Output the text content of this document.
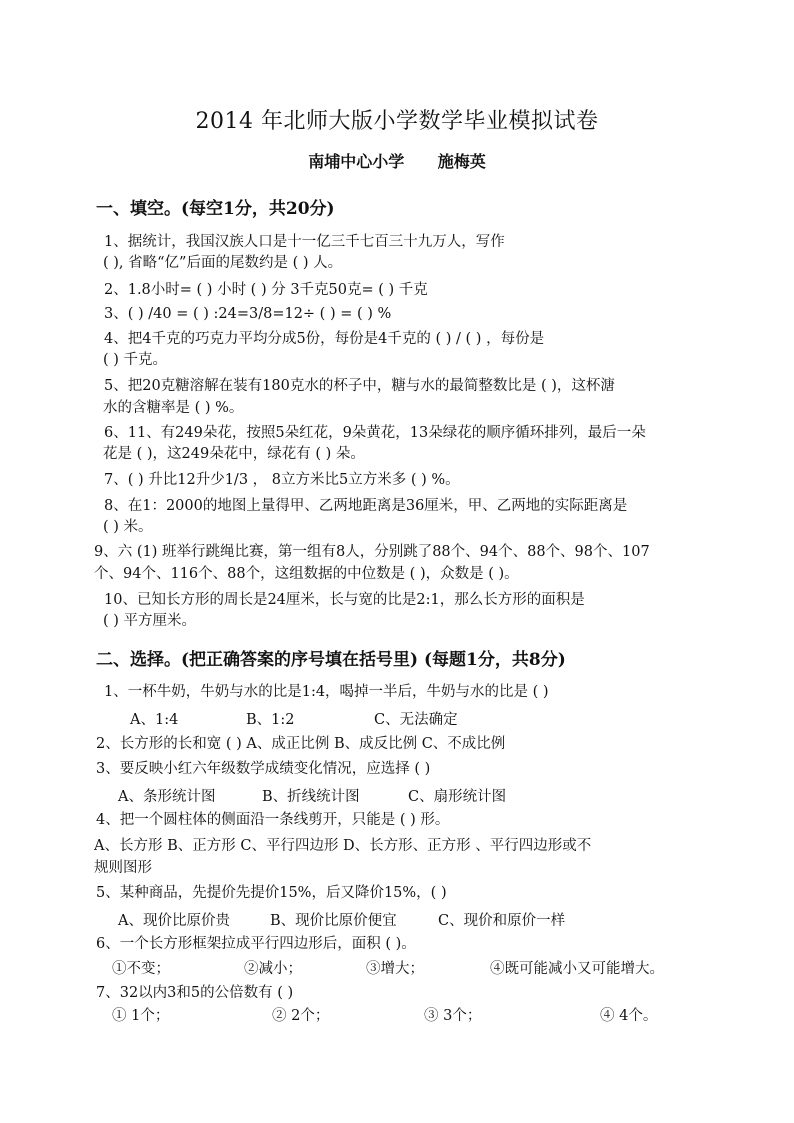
2014 年北师大版小学数学毕业模拟试卷
南埔中心小学      施梅英
一、填空。(每空1分，共20分)
1、据统计，我国汉族人口是十一亿三千七百三十九万人，写作
( ), 省略“亿”后面的尾数约是 ( ) 人。
2、1.8小时= ( ) 小时 ( ) 分 3千克50克= ( ) 千克
3、( ) /40 = ( ) :24=3/8=12÷ ( ) = ( ) %
4、把4千克的巧克力平均分成5份，每份是4千克的 ( ) / ( ) ，每份是
( ) 千克。
5、把20克糖溶解在装有180克水的杯子中，糖与水的最简整数比是 ( )，这杯溏
水的含糖率是 ( ) %。
6、11、有249朵花，按照5朵红花，9朵黄花，13朵绿花的顺序循环排列，最后一朵
花是 ( )，这249朵花中，绿花有 ( ) 朵。
7、( ) 升比12升少1/3 ， 8立方米比5立方米多 ( ) %。
8、在1：2000的地图上量得甲、乙两地距离是36厘米，甲、乙两地的实际距离是
( ) 米。
9、六 (1) 班举行跳绳比赛，第一组有8人，分别跳了88个、94个、88个、98个、107
个、94个、116个、88个，这组数据的中位数是 ( )，众数是 ( )。
10、已知长方形的周长是24厘米，长与宽的比是2:1，那么长方形的面积是
( ) 平方厘米。
二、选择。(把正确答案的序号填在括号里) (每题1分，共8分)
1、一杯牛奶，牛奶与水的比是1:4，喝掉一半后，牛奶与水的比是 ( )
A、1:4	B、1:2	C、无法确定
2、长方形的长和宽 ( ) A、成正比例 B、成反比例 C、不成比例
3、要反映小红六年级数学成绩变化情况，应选择 ( )
A、条形统计图	B、折线统计图	C、扇形统计图
4、把一个圆柱体的侧面沿一条线剪开，只能是 ( ) 形。
A、长方形 B、正方形 C、平行四边形 D、长方形、正方形 、平行四边形或不
规则图形
5、某种商品，先提价先提价15%，后又降价15%，( )
A、现价比原价贵	B、现价比原价便宜	C、现价和原价一样
6、一个长方形框架拉成平行四边形后，面积 ( )。
①不变；	②减小；	③增大；	④既可能减小又可能增大。
7、32以内3和5的公倍数有 ( )
① 1个；	② 2个；	③ 3个；	④ 4个。
